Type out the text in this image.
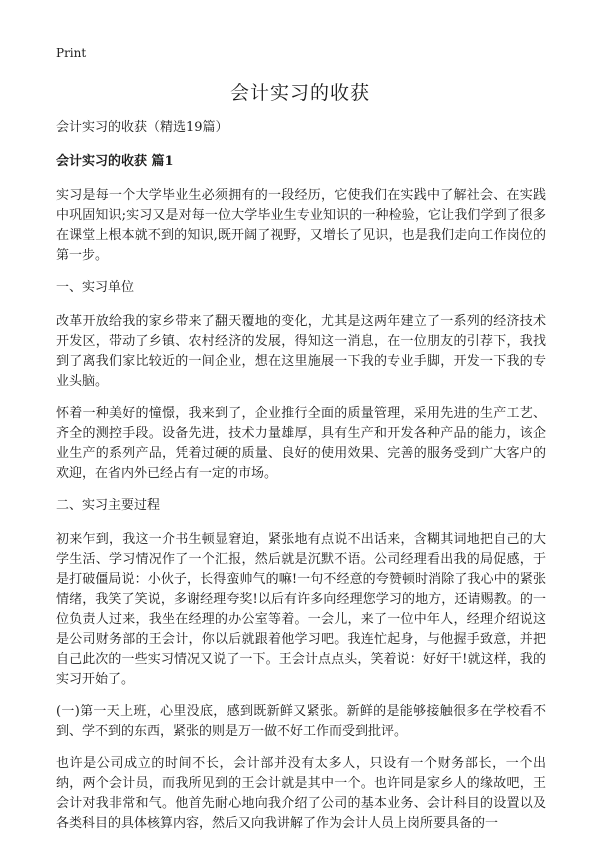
Print
会计实习的收获

会计实习的收获（精选19篇）

会计实习的收获 篇1

实习是每一个大学毕业生必须拥有的一段经历，它使我们在实践中了解社会、在实践中巩固知识;实习又是对每一位大学毕业生专业知识的一种检验，它让我们学到了很多在课堂上根本就不到的知识,既开阔了视野，又增长了见识，也是我们走向工作岗位的第一步。

一、实习单位

改革开放给我的家乡带来了翻天覆地的变化，尤其是这两年建立了一系列的经济技术开发区，带动了乡镇、农村经济的发展，得知这一消息，在一位朋友的引荐下，我找到了离我们家比较近的一间企业，想在这里施展一下我的专业手脚，开发一下我的专业头脑。

怀着一种美好的憧憬，我来到了，企业推行全面的质量管理，采用先进的生产工艺、齐全的测控手段。设备先进，技术力量雄厚，具有生产和开发各种产品的能力，该企业生产的系列产品，凭着过硬的质量、良好的使用效果、完善的服务受到广大客户的欢迎，在省内外已经占有一定的市场。

二、实习主要过程

初来乍到，我这一介书生顿显窘迫，紧张地有点说不出话来，含糊其词地把自己的大学生活、学习情况作了一个汇报，然后就是沉默不语。公司经理看出我的局促感，于是打破僵局说：小伙子，长得蛮帅气的嘛!一句不经意的夸赞顿时消除了我心中的紧张情绪，我笑了笑说，多谢经理夸奖!以后有许多向经理您学习的地方，还请赐教。的一位负责人过来，我坐在经理的办公室等着。一会儿，来了一位中年人，经理介绍说这是公司财务部的王会计，你以后就跟着他学习吧。我连忙起身，与他握手致意，并把自己此次的一些实习情况又说了一下。王会计点点头，笑着说：好好干!就这样，我的实习开始了。

(一)第一天上班，心里没底，感到既新鲜又紧张。新鲜的是能够接触很多在学校看不到、学不到的东西，紧张的则是万一做不好工作而受到批评。

也许是公司成立的时间不长，会计部并没有太多人，只设有一个财务部长，一个出纳，两个会计员，而我所见到的王会计就是其中一个。也许同是家乡人的缘故吧，王会计对我非常和气。他首先耐心地向我介绍了公司的基本业务、会计科目的设置以及各类科目的具体核算内容，然后又向我讲解了作为会计人员上岗所要具备的一
